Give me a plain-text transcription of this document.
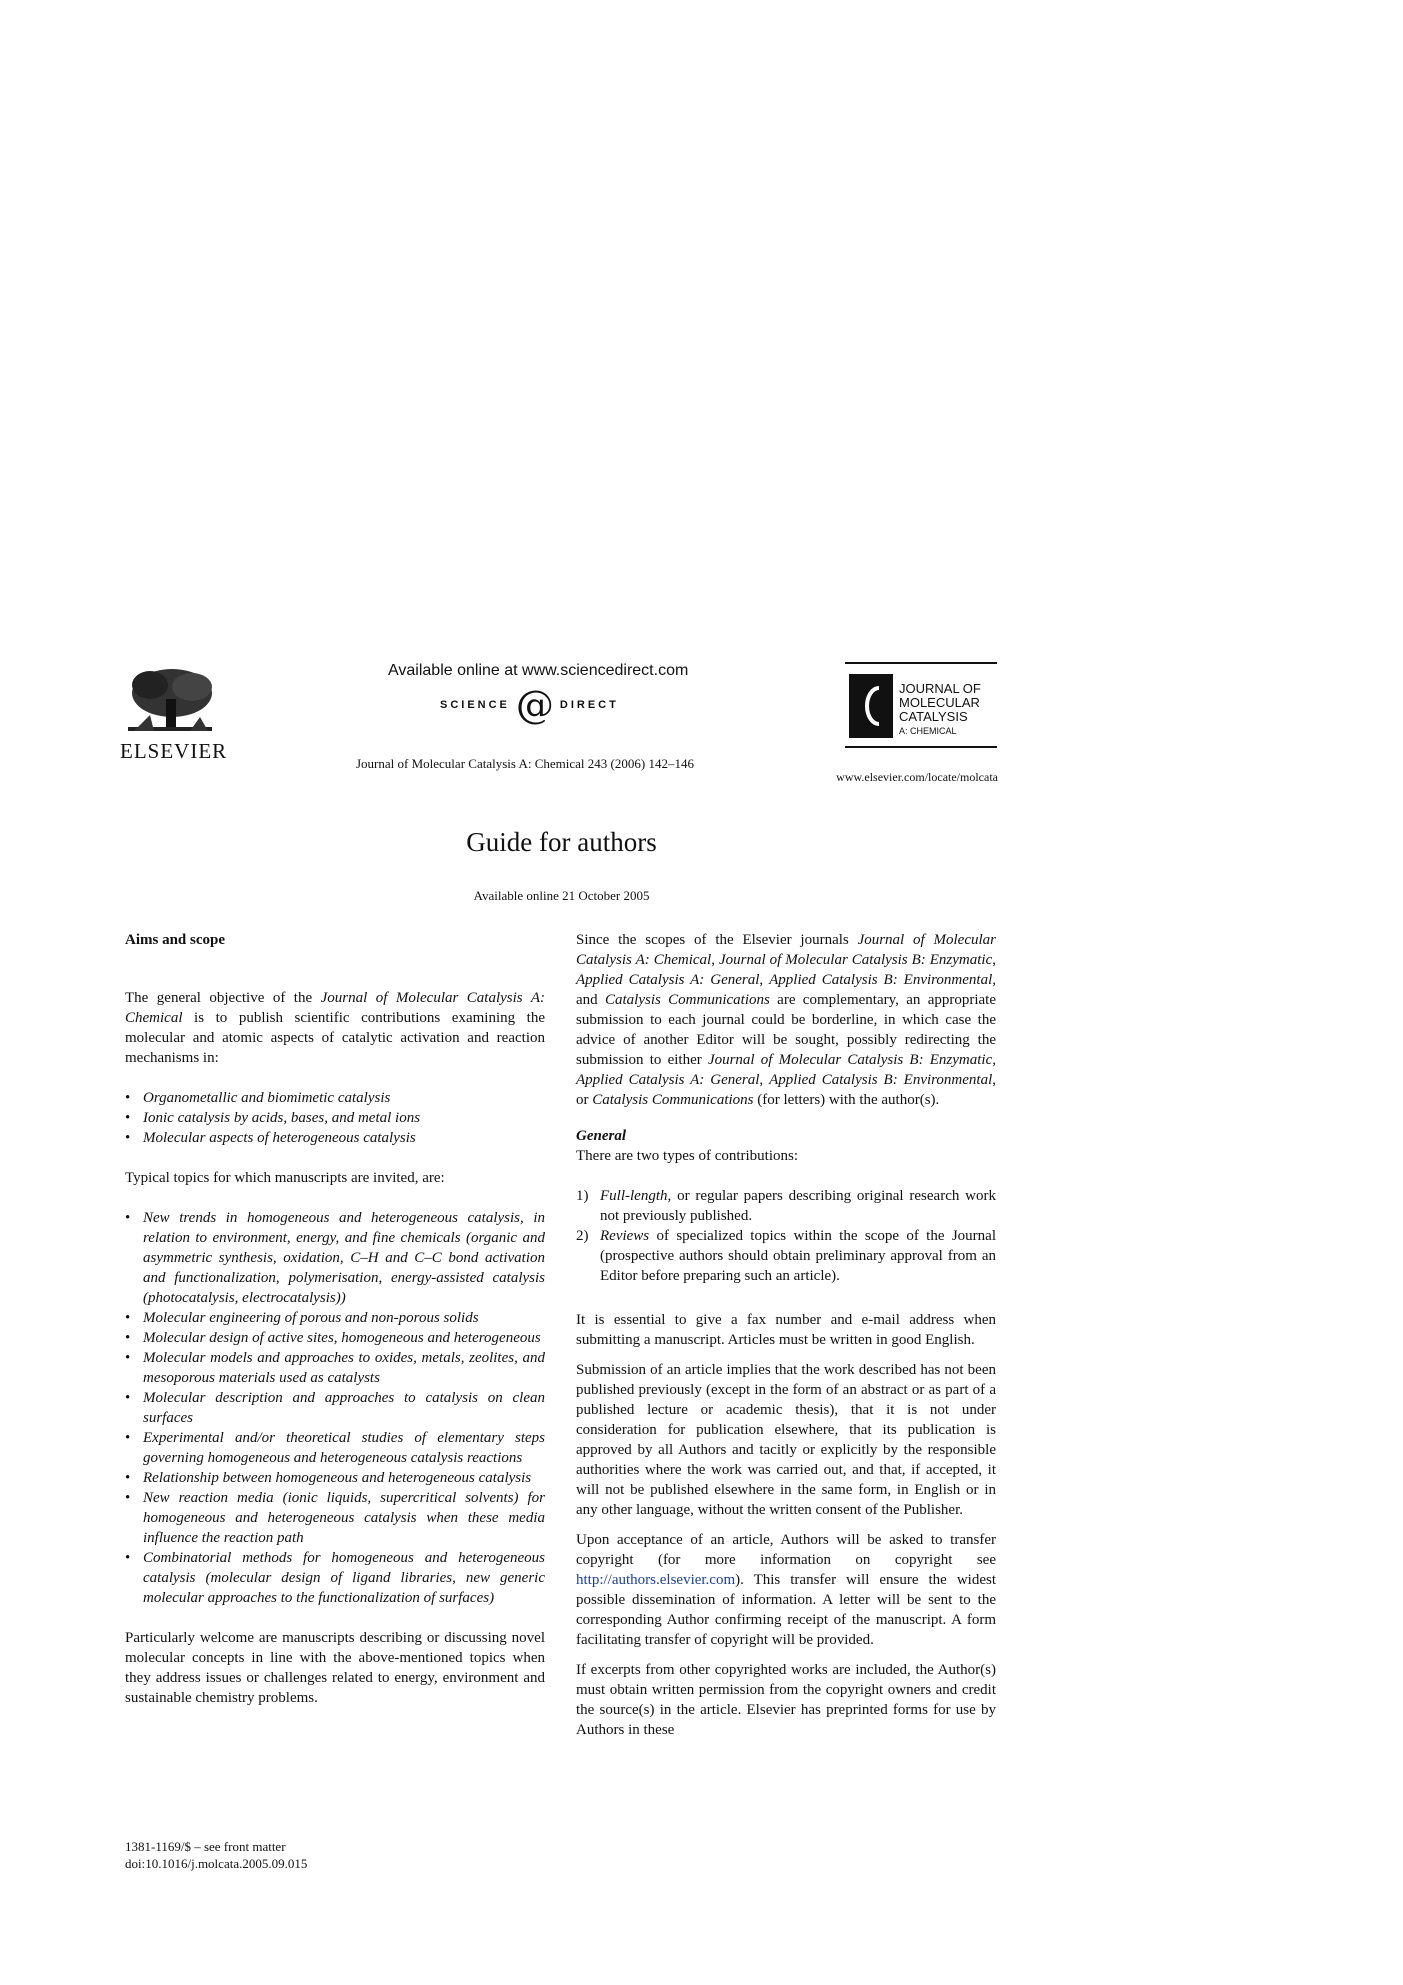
ELSEVIER
Available online at www.sciencedirect.com
SCIENCE @ DIRECT
Journal of Molecular Catalysis A: Chemical 243 (2006) 142–146
JOURNAL OF MOLECULAR CATALYSIS
A: CHEMICAL
www.elsevier.com/locate/molcata
Guide for authors
Available online 21 October 2005
Aims and scope

The general objective of the Journal of Molecular Catalysis A: Chemical is to publish scientific contributions examining the molecular and atomic aspects of catalytic activation and reaction mechanisms in:

• Organometallic and biomimetic catalysis
• Ionic catalysis by acids, bases, and metal ions
• Molecular aspects of heterogeneous catalysis

Typical topics for which manuscripts are invited, are:

• New trends in homogeneous and heterogeneous catalysis, in relation to environment, energy, and fine chemicals (organic and asymmetric synthesis, oxidation, C–H and C–C bond activation and functionalization, polymerisation, energy-assisted catalysis (photocatalysis, electrocatalysis))
• Molecular engineering of porous and non-porous solids
• Molecular design of active sites, homogeneous and heterogeneous
• Molecular models and approaches to oxides, metals, zeolites, and mesoporous materials used as catalysts
• Molecular description and approaches to catalysis on clean surfaces
• Experimental and/or theoretical studies of elementary steps governing homogeneous and heterogeneous catalysis reactions
• Relationship between homogeneous and heterogeneous catalysis
• New reaction media (ionic liquids, supercritical solvents) for homogeneous and heterogeneous catalysis when these media influence the reaction path
• Combinatorial methods for homogeneous and heterogeneous catalysis (molecular design of ligand libraries, new generic molecular approaches to the functionalization of surfaces)

Particularly welcome are manuscripts describing or discussing novel molecular concepts in line with the above-mentioned topics when they address issues or challenges related to energy, environment and sustainable chemistry problems.

Since the scopes of the Elsevier journals Journal of Molecular Catalysis A: Chemical, Journal of Molecular Catalysis B: Enzymatic, Applied Catalysis A: General, Applied Catalysis B: Environmental, and Catalysis Communications are complementary, an appropriate submission to each journal could be borderline, in which case the advice of another Editor will be sought, possibly redirecting the submission to either Journal of Molecular Catalysis B: Enzymatic, Applied Catalysis A: General, Applied Catalysis B: Environmental, or Catalysis Communications (for letters) with the author(s).

General

There are two types of contributions:

1) Full-length, or regular papers describing original research work not previously published.
2) Reviews of specialized topics within the scope of the Journal (prospective authors should obtain preliminary approval from an Editor before preparing such an article).

It is essential to give a fax number and e-mail address when submitting a manuscript. Articles must be written in good English.

Submission of an article implies that the work described has not been published previously (except in the form of an abstract or as part of a published lecture or academic thesis), that it is not under consideration for publication elsewhere, that its publication is approved by all Authors and tacitly or explicitly by the responsible authorities where the work was carried out, and that, if accepted, it will not be published elsewhere in the same form, in English or in any other language, without the written consent of the Publisher.

Upon acceptance of an article, Authors will be asked to transfer copyright (for more information on copyright see http://authors.elsevier.com). This transfer will ensure the widest possible dissemination of information. A letter will be sent to the corresponding Author confirming receipt of the manuscript. A form facilitating transfer of copyright will be provided.

If excerpts from other copyrighted works are included, the Author(s) must obtain written permission from the copyright owners and credit the source(s) in the article. Elsevier has preprinted forms for use by Authors in these

1381-1169/$ – see front matter
doi:10.1016/j.molcata.2005.09.015
